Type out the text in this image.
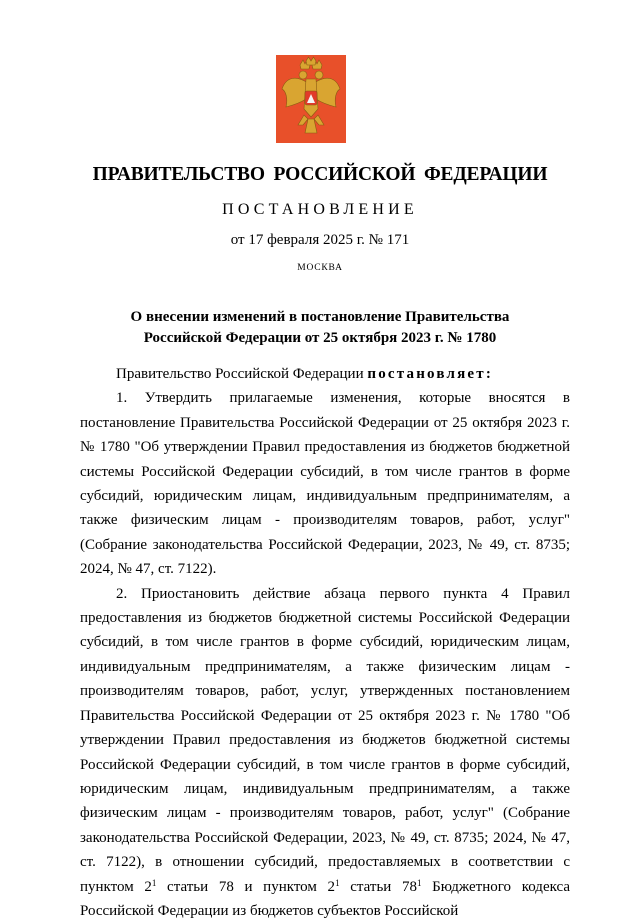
ПРАВИТЕЛЬСТВО РОССИЙСКОЙ ФЕДЕРАЦИИ
ПОСТАНОВЛЕНИЕ
от 17 февраля 2025 г. № 171
МОСКВА
О внесении изменений в постановление Правительства
Российской Федерации от 25 октября 2023 г. № 1780

Правительство Российской Федерации постановляет:

1. Утвердить прилагаемые изменения, которые вносятся в постановление Правительства Российской Федерации от 25 октября 2023 г. № 1780 "Об утверждении Правил предоставления из бюджетов бюджетной системы Российской Федерации субсидий, в том числе грантов в форме субсидий, юридическим лицам, индивидуальным предпринимателям, а также физическим лицам - производителям товаров, работ, услуг" (Собрание законодательства Российской Федерации, 2023, № 49, ст. 8735; 2024, № 47, ст. 7122).

2. Приостановить действие абзаца первого пункта 4 Правил предоставления из бюджетов бюджетной системы Российской Федерации субсидий, в том числе грантов в форме субсидий, юридическим лицам, индивидуальным предпринимателям, а также физическим лицам - производителям товаров, работ, услуг, утвержденных постановлением Правительства Российской Федерации от 25 октября 2023 г. № 1780 "Об утверждении Правил предоставления из бюджетов бюджетной системы Российской Федерации субсидий, в том числе грантов в форме субсидий, юридическим лицам, индивидуальным предпринимателям, а также физическим лицам - производителям товаров, работ, услуг" (Собрание законодательства Российской Федерации, 2023, № 49, ст. 8735; 2024, № 47, ст. 7122), в отношении субсидий, предоставляемых в соответствии с пунктом $2^1$ статьи 78 и пунктом $2^1$ статьи $78^1$ Бюджетного кодекса Российской Федерации из бюджетов субъектов Российской
